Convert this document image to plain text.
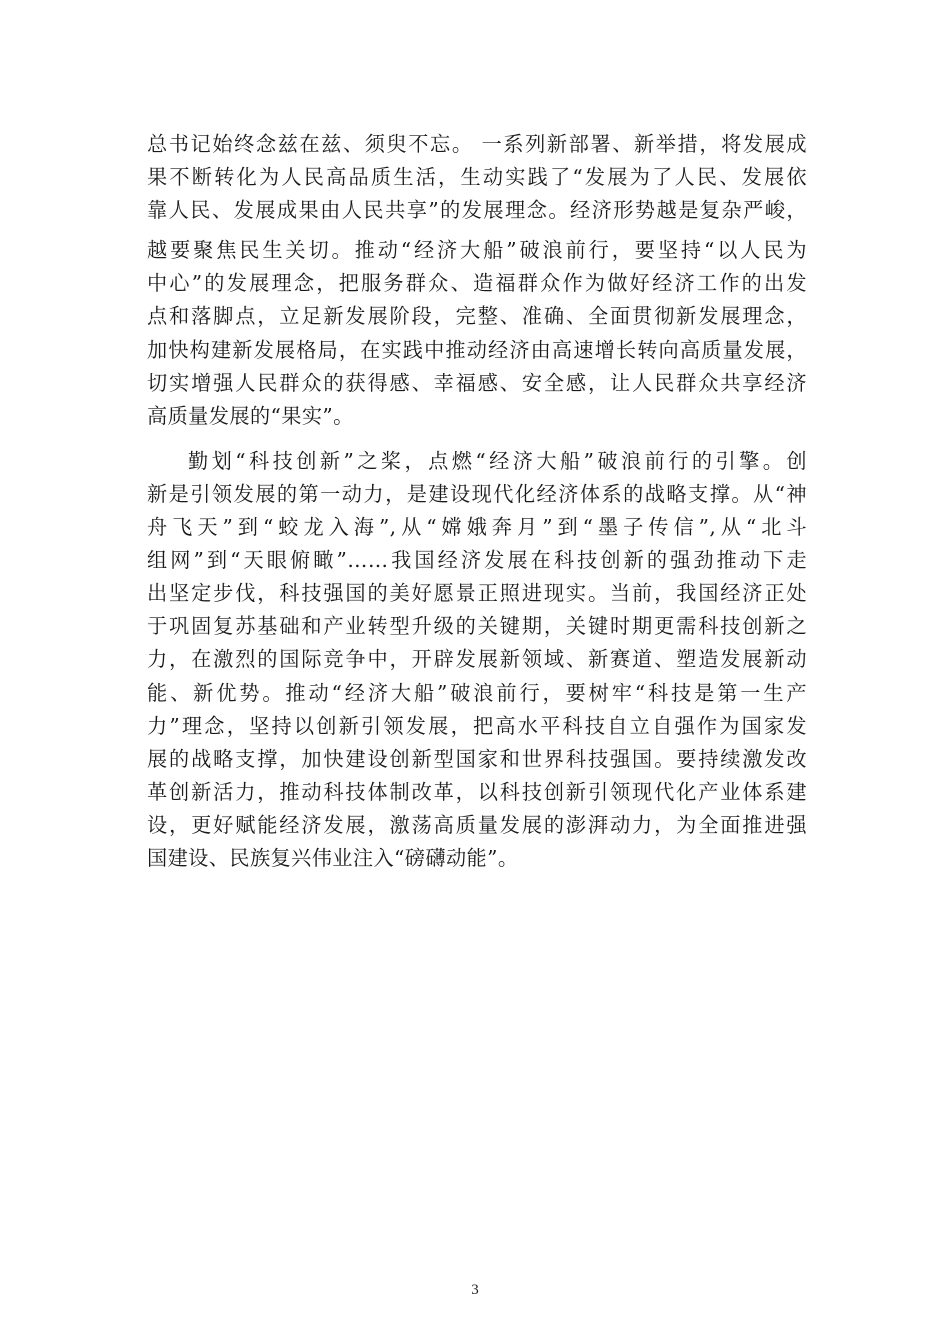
总书记始终念兹在兹、须臾不忘。 一系列新部署、新举措，将发展成
果不断转化为人民高品质生活，生动实践了“发展为了人民、发展依
靠人民、发展成果由人民共享”的发展理念。经济形势越是复杂严峻，
越要聚焦民生关切。推动“经济大船”破浪前行，要坚持“以人民为
中心”的发展理念，把服务群众、造福群众作为做好经济工作的出发
点和落脚点，立足新发展阶段，完整、准确、全面贯彻新发展理念，
加快构建新发展格局，在实践中推动经济由高速增长转向高质量发展，
切实增强人民群众的获得感、幸福感、安全感，让人民群众共享经济
高质量发展的“果实”。

勤划“科技创新”之桨，点燃“经济大船”破浪前行的引擎。创
新是引领发展的第一动力，是建设现代化经济体系的战略支撑。从“神
舟飞天”到“蛟龙入海”,从“嫦娥奔月”到“墨子传信”,从“北斗
组网”到“天眼俯瞰”……我国经济发展在科技创新的强劲推动下走
出坚定步伐，科技强国的美好愿景正照进现实。当前，我国经济正处
于巩固复苏基础和产业转型升级的关键期，关键时期更需科技创新之
力，在激烈的国际竞争中，开辟发展新领域、新赛道、塑造发展新动
能、新优势。推动“经济大船”破浪前行，要树牢“科技是第一生产
力”理念，坚持以创新引领发展，把高水平科技自立自强作为国家发
展的战略支撑，加快建设创新型国家和世界科技强国。要持续激发改
革创新活力，推动科技体制改革，以科技创新引领现代化产业体系建
设，更好赋能经济发展，激荡高质量发展的澎湃动力，为全面推进强
国建设、民族复兴伟业注入“磅礴动能”。

3
